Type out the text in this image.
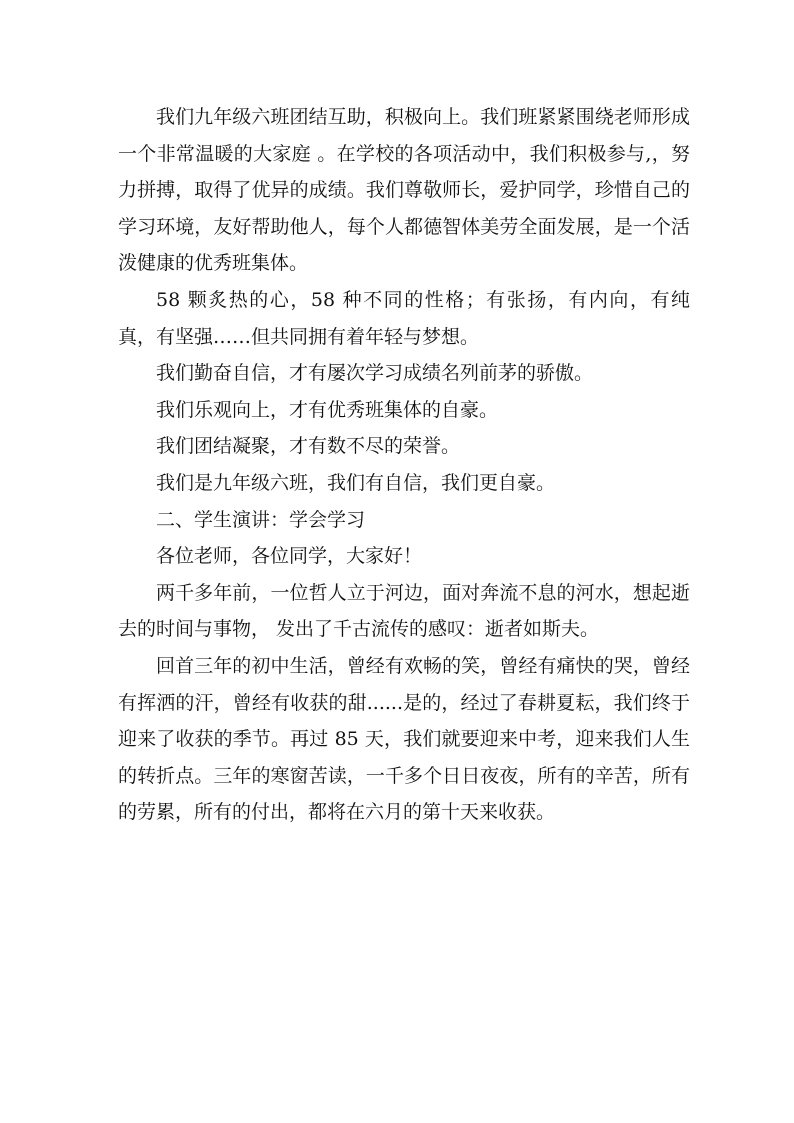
我们九年级六班团结互助，积极向上。我们班紧紧围绕老师形成一个非常温暖的大家庭 。在学校的各项活动中，我们积极参与,，努力拼搏，取得了优异的成绩。我们尊敬师长，爱护同学，珍惜自己的学习环境，友好帮助他人，每个人都德智体美劳全面发展，是一个活泼健康的优秀班集体。

58 颗炙热的心，58 种不同的性格；有张扬，有内向，有纯真，有坚强……但共同拥有着年轻与梦想。

我们勤奋自信，才有屡次学习成绩名列前茅的骄傲。

我们乐观向上，才有优秀班集体的自豪。

我们团结凝聚，才有数不尽的荣誉。

我们是九年级六班，我们有自信，我们更自豪。

二、学生演讲：学会学习

各位老师，各位同学，大家好！

两千多年前，一位哲人立于河边，面对奔流不息的河水，想起逝去的时间与事物， 发出了千古流传的感叹：逝者如斯夫。

回首三年的初中生活，曾经有欢畅的笑，曾经有痛快的哭，曾经有挥洒的汗，曾经有收获的甜......是的，经过了春耕夏耘，我们终于迎来了收获的季节。再过 85 天，我们就要迎来中考，迎来我们人生的转折点。三年的寒窗苦读，一千多个日日夜夜，所有的辛苦，所有的劳累，所有的付出，都将在六月的第十天来收获。
